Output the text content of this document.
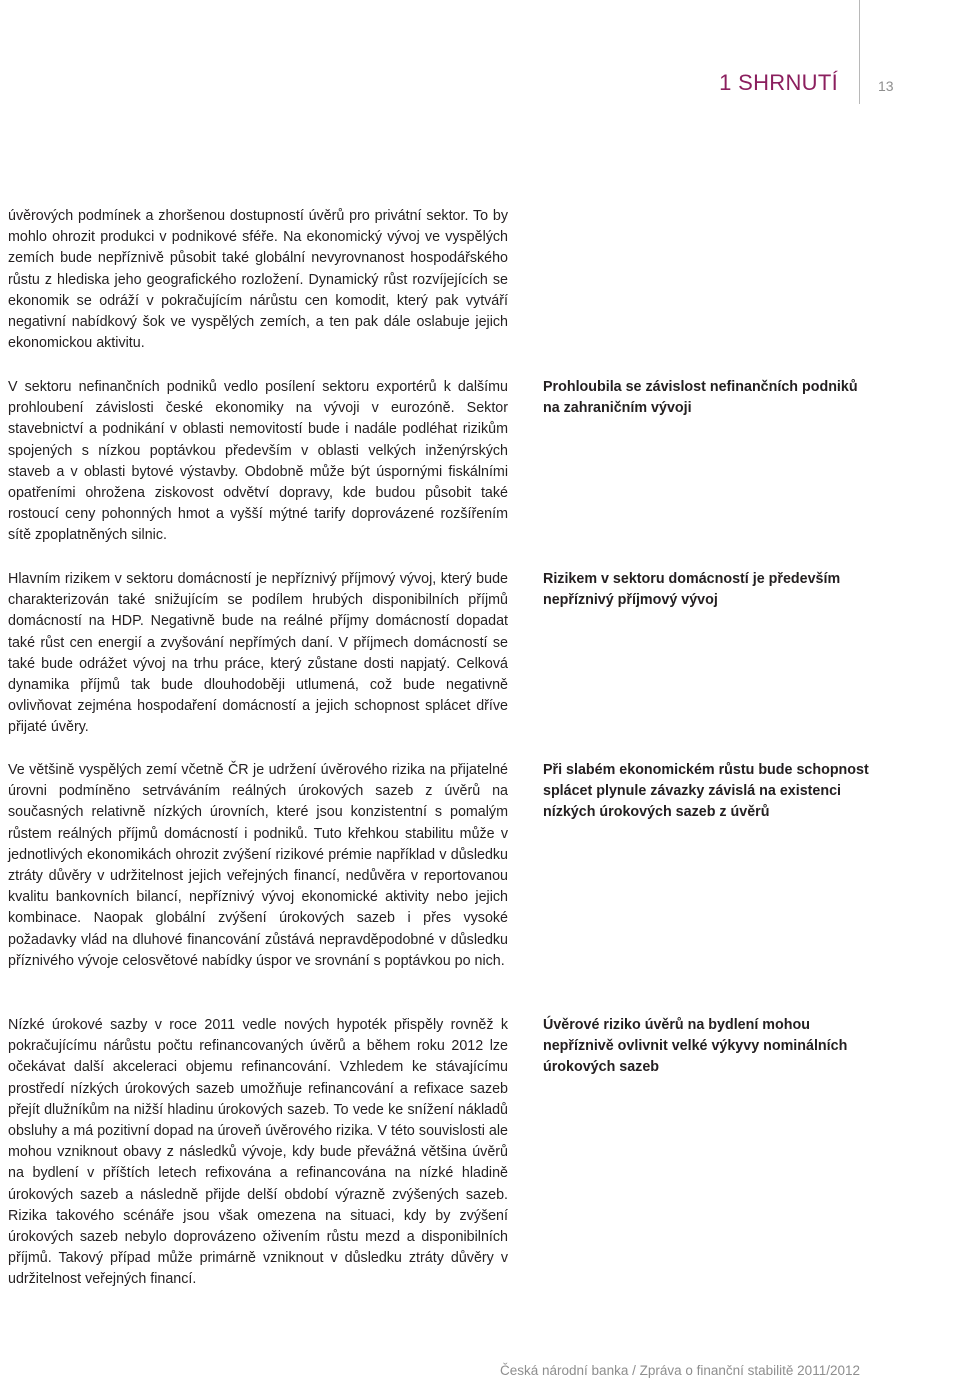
1 SHRNUTÍ	13

úvěrových podmínek a zhoršenou dostupností úvěrů pro privátní sektor. To by mohlo ohrozit produkci v podnikové sféře. Na ekonomický vývoj ve vyspělých zemích bude nepříznivě působit také globální nevyrovnanost hospodářského růstu z hlediska jeho geografického rozložení. Dynamický růst rozvíjejících se ekonomik se odráží v pokračujícím nárůstu cen komodit, který pak vytváří negativní nabídkový šok ve vyspělých zemích, a ten pak dále oslabuje jejich ekonomickou aktivitu.

V sektoru nefinančních podniků vedlo posílení sektoru exportérů k dalšímu prohloubení závislosti české ekonomiky na vývoji v eurozóně. Sektor stavebnictví a podnikání v oblasti nemovitostí bude i nadále podléhat rizikům spojených s nízkou poptávkou především v oblasti velkých inženýrských staveb a v oblasti bytové výstavby. Obdobně může být úspornými fiskálními opatřeními ohrožena ziskovost odvětví dopravy, kde budou působit také rostoucí ceny pohonných hmot a vyšší mýtné tarify doprovázené rozšířením sítě zpoplatněných silnic.

Hlavním rizikem v sektoru domácností je nepříznivý příjmový vývoj, který bude charakterizován také snižujícím se podílem hrubých disponibilních příjmů domácností na HDP. Negativně bude na reálné příjmy domácností dopadat také růst cen energií a zvyšování nepřímých daní. V příjmech domácností se také bude odrážet vývoj na trhu práce, který zůstane dosti napjatý. Celková dynamika příjmů tak bude dlouhodoběji utlumená, což bude negativně ovlivňovat zejména hospodaření domácností a jejich schopnost splácet dříve přijaté úvěry.

Ve většině vyspělých zemí včetně ČR je udržení úvěrového rizika na přijatelné úrovni podmíněno setrváváním reálných úrokových sazeb z úvěrů na současných relativně nízkých úrovních, které jsou konzistentní s pomalým růstem reálných příjmů domácností i podniků. Tuto křehkou stabilitu může v jednotlivých ekonomikách ohrozit zvýšení rizikové prémie například v důsledku ztráty důvěry v udržitelnost jejich veřejných financí, nedůvěra v reportovanou kvalitu bankovních bilancí, nepříznivý vývoj ekonomické aktivity nebo jejich kombinace. Naopak globální zvýšení úrokových sazeb i přes vysoké požadavky vlád na dluhové financování zůstává nepravděpodobné v důsledku příznivého vývoje celosvětové nabídky úspor ve srovnání s poptávkou po nich.

Nízké úrokové sazby v roce 2011 vedle nových hypoték přispěly rovněž k pokračujícímu nárůstu počtu refinancovaných úvěrů a během roku 2012 lze očekávat další akceleraci objemu refinancování. Vzhledem ke stávajícímu prostředí nízkých úrokových sazeb umožňuje refinancování a refixace sazeb přejít dlužníkům na nižší hladinu úrokových sazeb. To vede ke snížení nákladů obsluhy a má pozitivní dopad na úroveň úvěrového rizika. V této souvislosti ale mohou vzniknout obavy z následků vývoje, kdy bude převážná většina úvěrů na bydlení v příštích letech refixována a refinancována na nízké hladině úrokových sazeb a následně přijde delší období výrazně zvýšených sazeb. Rizika takového scénáře jsou však omezena na situaci, kdy by zvýšení úrokových sazeb nebylo doprovázeno oživením růstu mezd a disponibilních příjmů. Takový případ může primárně vzniknout v důsledku ztráty důvěry v udržitelnost veřejných financí.

Prohloubila se závislost nefinančních podniků na zahraničním vývoji

Rizikem v sektoru domácností je především nepříznivý příjmový vývoj

Při slabém ekonomickém růstu bude schopnost splácet plynule závazky závislá na existenci nízkých úrokových sazeb z úvěrů

Úvěrové riziko úvěrů na bydlení mohou nepříznivě ovlivnit velké výkyvy nominálních úrokových sazeb

Česká národní banka / Zpráva o finanční stabilitě 2011/2012
